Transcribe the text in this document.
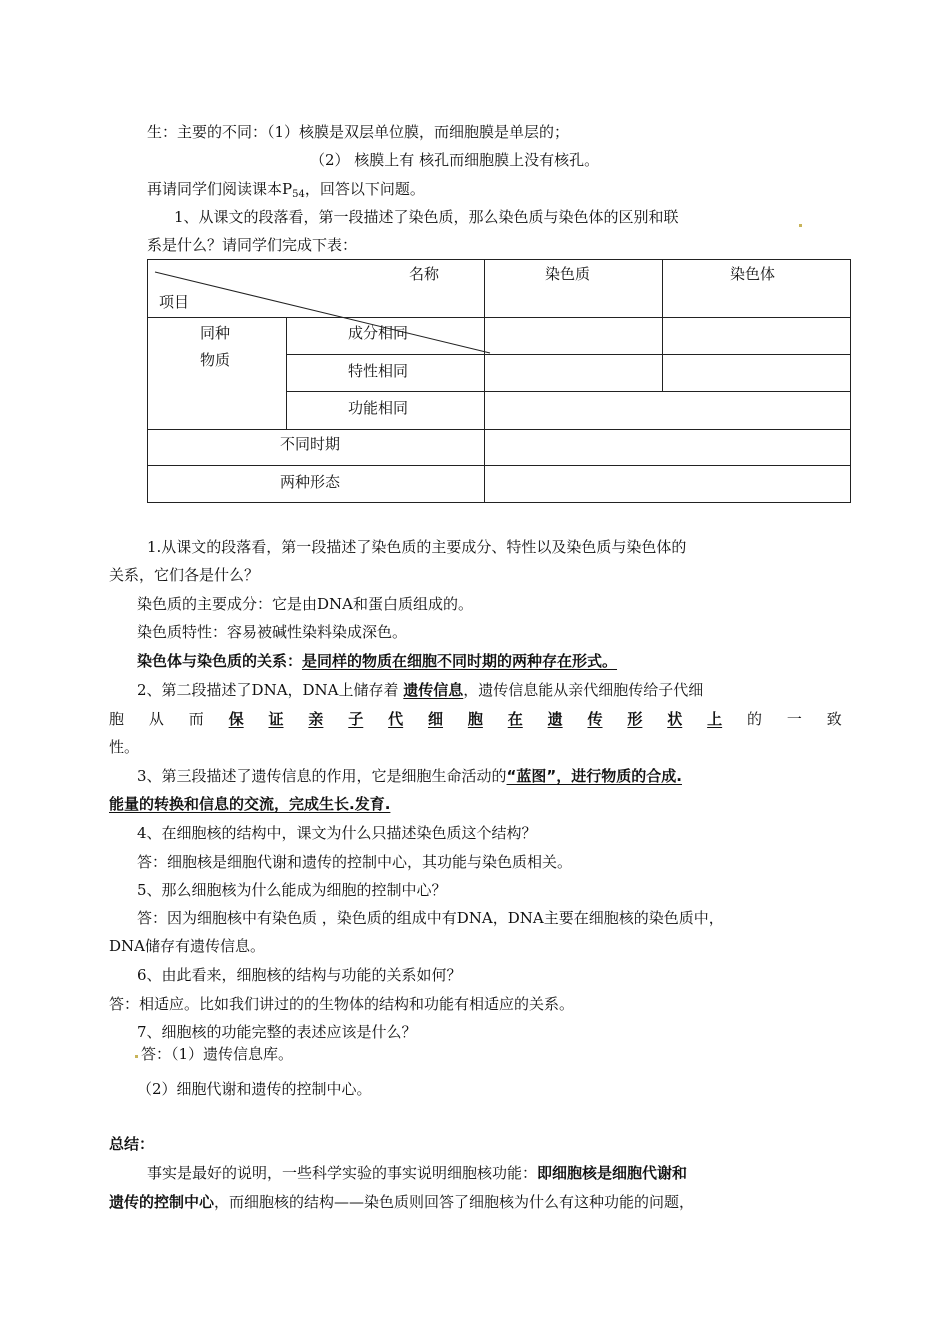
生：主要的不同：（1）核膜是双层单位膜，而细胞膜是单层的；
（2） 核膜上有 核孔而细胞膜上没有核孔。
再请同学们阅读课本$P_{54}$，回答以下问题。
1、从课文的段落看，第一段描述了染色质，那么染色质与染色体的区别和联
系是什么？请同学们完成下表：
名称
项目
染色质	染色体
同种
物质
成分相同
特性相同
功能相同
不同时期
两种形态
1.从课文的段落看，第一段描述了染色质的主要成分、特性以及染色质与染色体的
关系，它们各是什么？
染色质的主要成分：它是由DNA和蛋白质组成的。
染色质特性：容易被碱性染料染成深色。
染色体与染色质的关系：是同样的物质在细胞不同时期的两种存在形式。
2、第二段描述了DNA，DNA上储存着 遗传信息，遗传信息能从亲代细胞传给子代细
胞 从 而 保 证 亲 子 代 细 胞 在 遗 传 形 状 上 的 一 致
性。
3、第三段描述了遗传信息的作用，它是细胞生命活动的“蓝图”，进行物质的合成.
能量的转换和信息的交流，完成生长.发育.
4、在细胞核的结构中，课文为什么只描述染色质这个结构？
答：细胞核是细胞代谢和遗传的控制中心，其功能与染色质相关。
5、那么细胞核为什么能成为细胞的控制中心？
答：因为细胞核中有染色质 ，染色质的组成中有DNA，DNA主要在细胞核的染色质中，
DNA储存有遗传信息。
6、由此看来，细胞核的结构与功能的关系如何？
答：相适应。比如我们讲过的的生物体的结构和功能有相适应的关系。
7、细胞核的功能完整的表述应该是什么？
答：（1）遗传信息库。
（2）细胞代谢和遗传的控制中心。
总结：
事实是最好的说明，一些科学实验的事实说明细胞核功能：即细胞核是细胞代谢和
遗传的控制中心，而细胞核的结构——染色质则回答了细胞核为什么有这种功能的问题，
